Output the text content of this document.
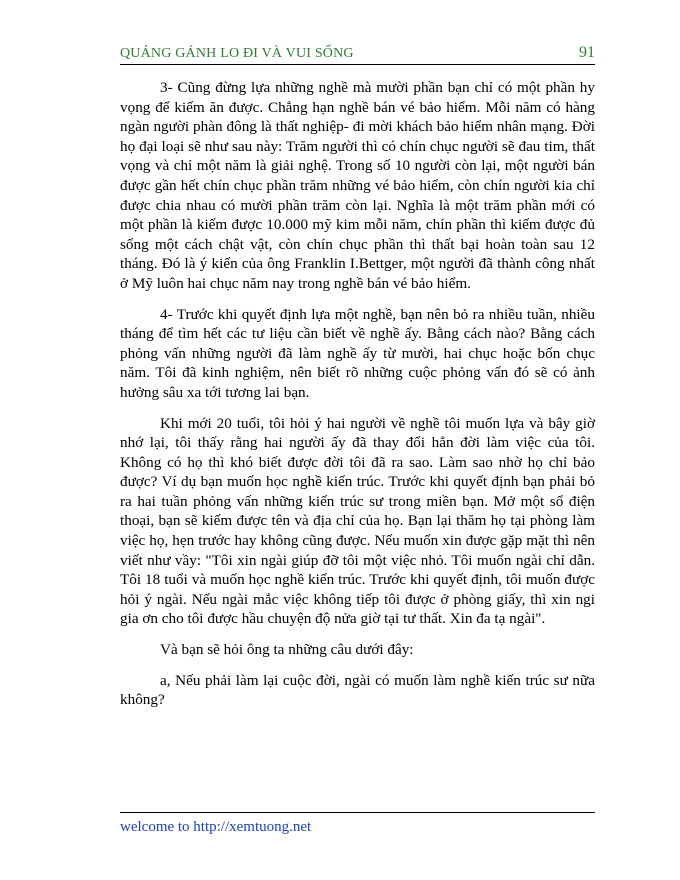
QUẢNG GÁNH LO ĐI VÀ VUI SỐNG	91

3- Cũng đừng lựa những nghề mà mười phần bạn chỉ có một phần hy vọng để kiếm ăn được. Chẳng hạn nghề bán vé bảo hiểm. Mỗi năm có hàng ngàn người phàn đông là thất nghiệp- đi mời khách bảo hiểm nhân mạng. Đời họ đại loại sẽ như sau này: Trăm người thì có chín chục người sẽ đau tim, thất vọng và chỉ một năm là giải nghệ. Trong số 10 người còn lại, một người bán được gần hết chín chục phần trăm những vé bảo hiểm, còn chín người kia chỉ được chia nhau có mười phần trăm còn lại. Nghĩa là một trăm phần mới có một phần là kiếm được 10.000 mỹ kim mỗi năm, chín phần thì kiếm được đủ sống một cách chật vật, còn chín chục phần thì thất bại hoàn toàn sau 12 tháng. Đó là ý kiến của ông Franklin I.Bettger, một người đã thành công nhất ở Mỹ luôn hai chục năm nay trong nghề bán vé bảo hiểm.

4- Trước khi quyết định lựa một nghề, bạn nên bỏ ra nhiều tuần, nhiều tháng để tìm hết các tư liệu cần biết về nghề ấy. Bằng cách nào? Bằng cách phỏng vấn những người đã làm nghề ấy từ mười, hai chục hoặc bốn chục năm. Tôi đã kinh nghiệm, nên biết rõ những cuộc phỏng vấn đó sẽ có ảnh hưởng sâu xa tới tương lai bạn.

Khi mới 20 tuổi, tôi hỏi ý hai người về nghề tôi muốn lựa và bây giờ nhớ lại, tôi thấy rằng hai người ấy đã thay đổi hẳn đời làm việc của tôi. Không có họ thì khó biết được đời tôi đã ra sao. Làm sao nhờ họ chỉ bảo được? Ví dụ bạn muốn học nghề kiến trúc. Trước khi quyết định bạn phải bỏ ra hai tuần phỏng vấn những kiến trúc sư trong miền bạn. Mở một sổ điện thoại, bạn sẽ kiếm được tên và địa chỉ của họ. Bạn lại thăm họ tại phòng làm việc họ, hẹn trước hay không cũng được. Nếu muốn xin được gặp mặt thì nên viết như vầy: "Tôi xin ngài giúp đỡ tôi một việc nhỏ. Tôi muốn ngài chỉ dẫn. Tôi 18 tuổi và muốn học nghề kiến trúc. Trước khi quyết định, tôi muốn được hỏi ý ngài. Nếu ngài mắc việc không tiếp tôi được ở phòng giấy, thì xin ngi gia ơn cho tôi được hầu chuyện độ nửa giờ tại tư thất. Xin đa tạ ngài".

Và bạn sẽ hỏi ông ta những câu dưới đây:

a, Nếu phải làm lại cuộc đời, ngài có muốn làm nghề kiến trúc sư nữa không?

welcome to http://xemtuong.net
